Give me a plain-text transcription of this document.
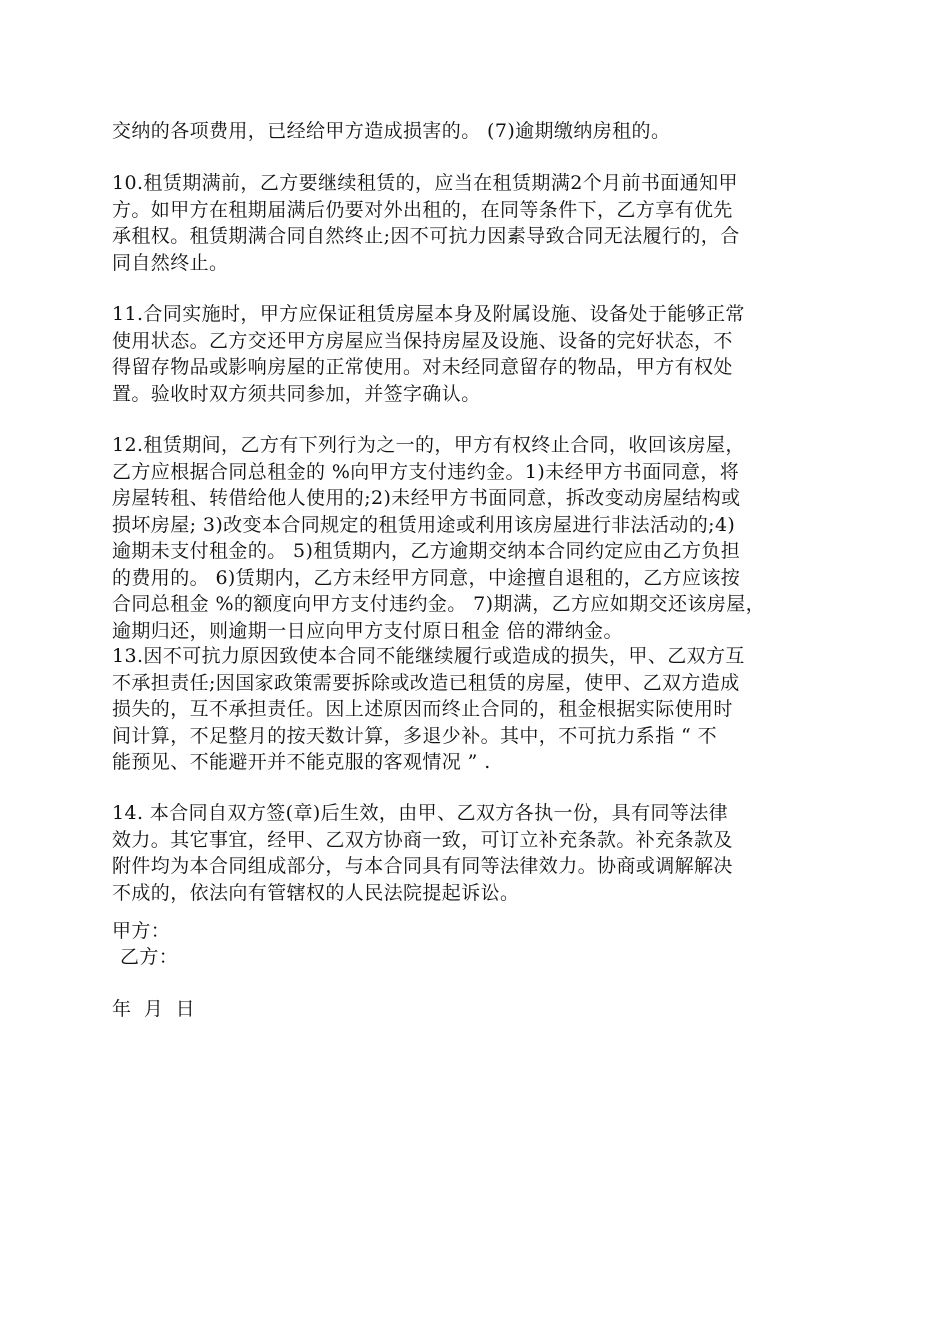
交纳的各项费用，已经给甲方造成损害的。 (7)逾期缴纳房租的。
10.租赁期满前，乙方要继续租赁的，应当在租赁期满2个月前书面通知甲
方。如甲方在租期届满后仍要对外出租的，在同等条件下，乙方享有优先
承租权。租赁期满合同自然终止;因不可抗力因素导致合同无法履行的，合
同自然终止。
11.合同实施时，甲方应保证租赁房屋本身及附属设施、设备处于能够正常
使用状态。乙方交还甲方房屋应当保持房屋及设施、设备的完好状态，不
得留存物品或影响房屋的正常使用。对未经同意留存的物品，甲方有权处
置。验收时双方须共同参加，并签字确认。
12.租赁期间，乙方有下列行为之一的，甲方有权终止合同，收回该房屋，
乙方应根据合同总租金的 %向甲方支付违约金。1)未经甲方书面同意，将
房屋转租、转借给他人使用的;2)未经甲方书面同意，拆改变动房屋结构或
损坏房屋; 3)改变本合同规定的租赁用途或利用该房屋进行非法活动的;4)
逾期未支付租金的。 5)租赁期内，乙方逾期交纳本合同约定应由乙方负担
的费用的。 6)赁期内，乙方未经甲方同意，中途擅自退租的，乙方应该按
合同总租金 %的额度向甲方支付违约金。 7)期满，乙方应如期交还该房屋，
逾期归还，则逾期一日应向甲方支付原日租金 倍的滞纳金。
13.因不可抗力原因致使本合同不能继续履行或造成的损失，甲、乙双方互
不承担责任;因国家政策需要拆除或改造已租赁的房屋，使甲、乙双方造成
损失的，互不承担责任。因上述原因而终止合同的，租金根据实际使用时
间计算，不足整月的按天数计算，多退少补。其中，不可抗力系指 “ 不
能预见、不能避开并不能克服的客观情况 ” .
14. 本合同自双方签(章)后生效，由甲、乙双方各执一份，具有同等法律
效力。其它事宜，经甲、乙双方协商一致，可订立补充条款。补充条款及
附件均为本合同组成部分，与本合同具有同等法律效力。协商或调解解决
不成的，依法向有管辖权的人民法院提起诉讼。
甲方：
乙方：
年 月 日
